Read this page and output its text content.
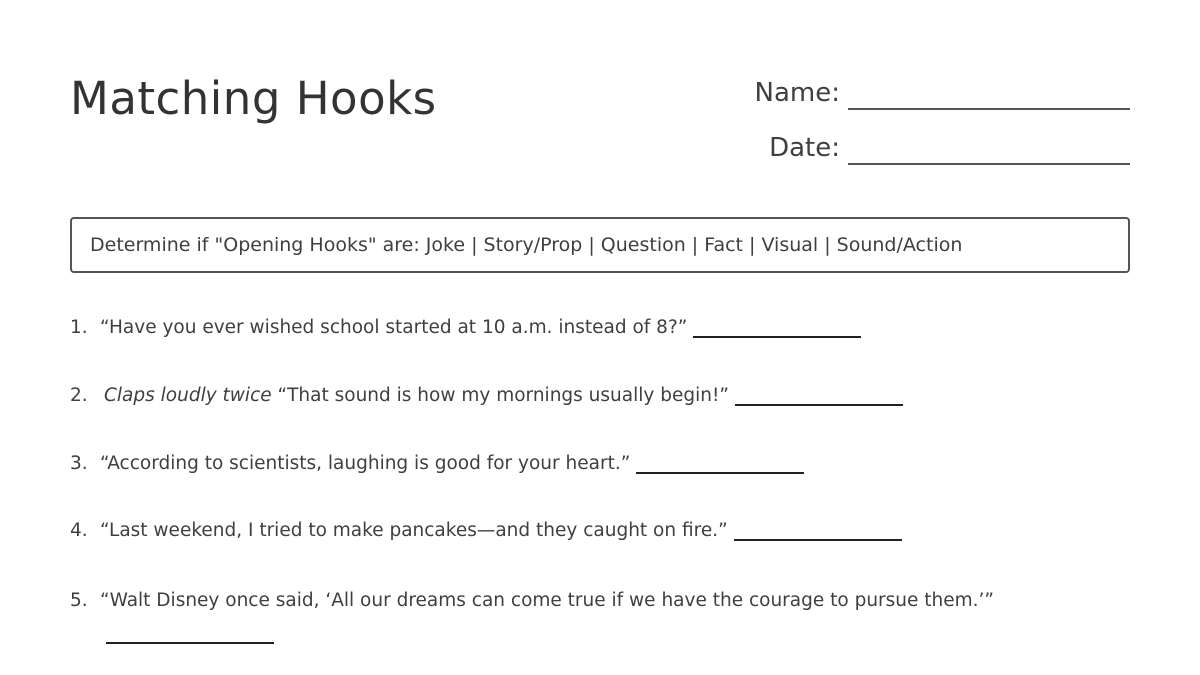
Matching Hooks	Name:
Date:
Determine if "Opening Hooks" are: Joke | Story/Prop | Question | Fact | Visual | Sound/Action
1. “Have you ever wished school started at 10 a.m. instead of 8?”
2. Claps loudly twice “That sound is how my mornings usually begin!”
3. “According to scientists, laughing is good for your heart.”
4. “Last weekend, I tried to make pancakes—and they caught on fire.”
5. “Walt Disney once said, ‘All our dreams can come true if we have the courage to pursue them.’”
